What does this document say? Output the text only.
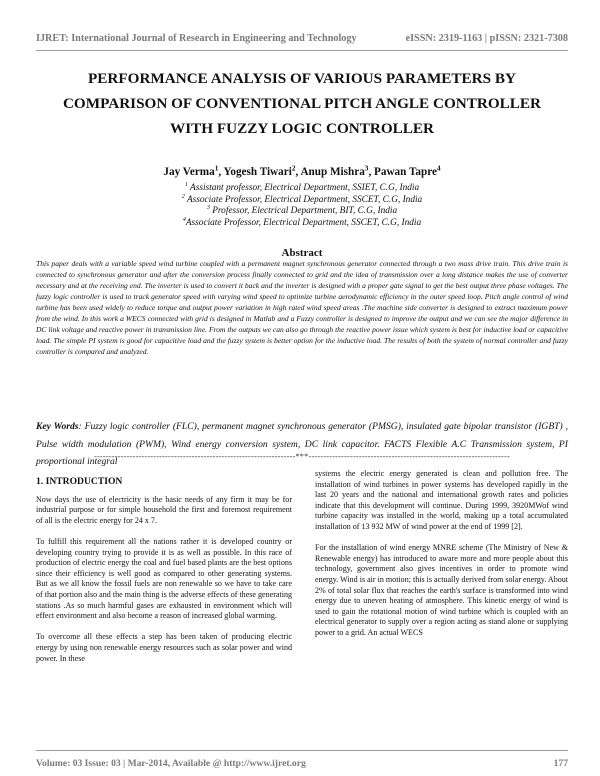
IJRET: International Journal of Research in Engineering and Technology	eISSN: 2319-1163 | pISSN: 2321-7308
PERFORMANCE ANALYSIS OF VARIOUS PARAMETERS BY
COMPARISON OF CONVENTIONAL PITCH ANGLE CONTROLLER
WITH FUZZY LOGIC CONTROLLER
Jay Verma$^1$, Yogesh Tiwari$^2$, Anup Mishra$^3$, Pawan Tapre$^4$
$^1$ Assistant professor, Electrical Department, SSIET, C.G, India
$^2$ Associate Professor, Electrical Department, SSCET, C.G, India
$^3$ Professor, Electrical Department, BIT, C.G, India
$^4$Associate Professor, Electrical Department, SSCET, C.G, India
Abstract
This paper deals with a variable speed wind turbine coupled with a permanent magnet synchronous generator connected through a two mass drive train. This drive train is connected to synchronous generator and after the conversion process finally connected to grid and the idea of transmission over a long distance makes the use of converter necessary and at the receiving end. The inverter is used to convert it back and the inverter is designed with a proper gate signal to get the best output three phase voltages. The fuzzy logic controller is used to track generator speed with varying wind speed to optimize turbine aerodynamic efficiency in the outer speed loop. Pitch angle control of wind turbine has been used widely to reduce torque and output power variation in high rated wind speed areas .The machine side converter is designed to extract maximum power from the wind. In this work a WECS connected with grid is designed in Matlab and a Fuzzy controller is designed to improve the output and we can see the major difference in DC link voltage and reactive power in transmission line. From the outputs we can also go through the reactive power issue which system is best for inductive load or capacitive load. The simple PI system is good for capacitive load and the fuzzy system is better option for the inductive load. The results of both the system of normal controller and fuzzy controller is compared and analyzed.
Key Words: Fuzzy logic controller (FLC), permanent magnet synchronous generator (PMSG), insulated gate bipolar transistor (IGBT) , Pulse width modulation (PWM), Wind energy conversion system, DC link capacitor. FACTS Flexible A.C Transmission system, PI proportional integral
--------------------------------------------------------------------***--------------------------------------------------------------------
1. INTRODUCTION

Now days the use of electricity is the basic needs of any firm it may be for industrial purpose or for simple household the first and foremost requirement of all is the electric energy for 24 x 7.

To fulfill this requirement all the nations rather it is developed country or developing country trying to provide it is as well as possible. In this race of production of electric energy the coal and fuel based plants are the best options since their efficiency is well good as compared to other generating systems. But as we all know the fossil fuels are non renewable so we have to take care of that portion also and the main thing is the adverse effects of these generating stations .As so much harmful gases are exhausted in environment which will effect environment and also become a reason of increased global warming.

To overcome all these effects a step has been taken of producing electric energy by using non renewable energy resources such as solar power and wind power. In these

systems the electric energy generated is clean and pollution free. The installation of wind turbines in power systems has developed rapidly in the last 20 years and the national and international growth rates and policies indicate that this development will continue. During 1999, 3920MWof wind turbine capacity was installed in the world, making up a total accumulated installation of 13 932 MW of wind power at the end of 1999 [2].

For the installation of wind energy MNRE scheme (The Ministry of New & Renewable energy) has introduced to aware more and more people about this technology, government also gives incentives in order to promote wind energy. Wind is air in motion; this is actually derived from solar energy. About 2% of total solar flux that reaches the earth's surface is transformed into wind energy due to uneven heating of atmosphere. This kinetic energy of wind is used to gain the rotational motion of wind turbine which is coupled with an electrical generator to supply over a region acting as stand alone or supplying power to a grid. An actual WECS

Volume: 03 Issue: 03 | Mar-2014, Available @ http://www.ijret.org	177
